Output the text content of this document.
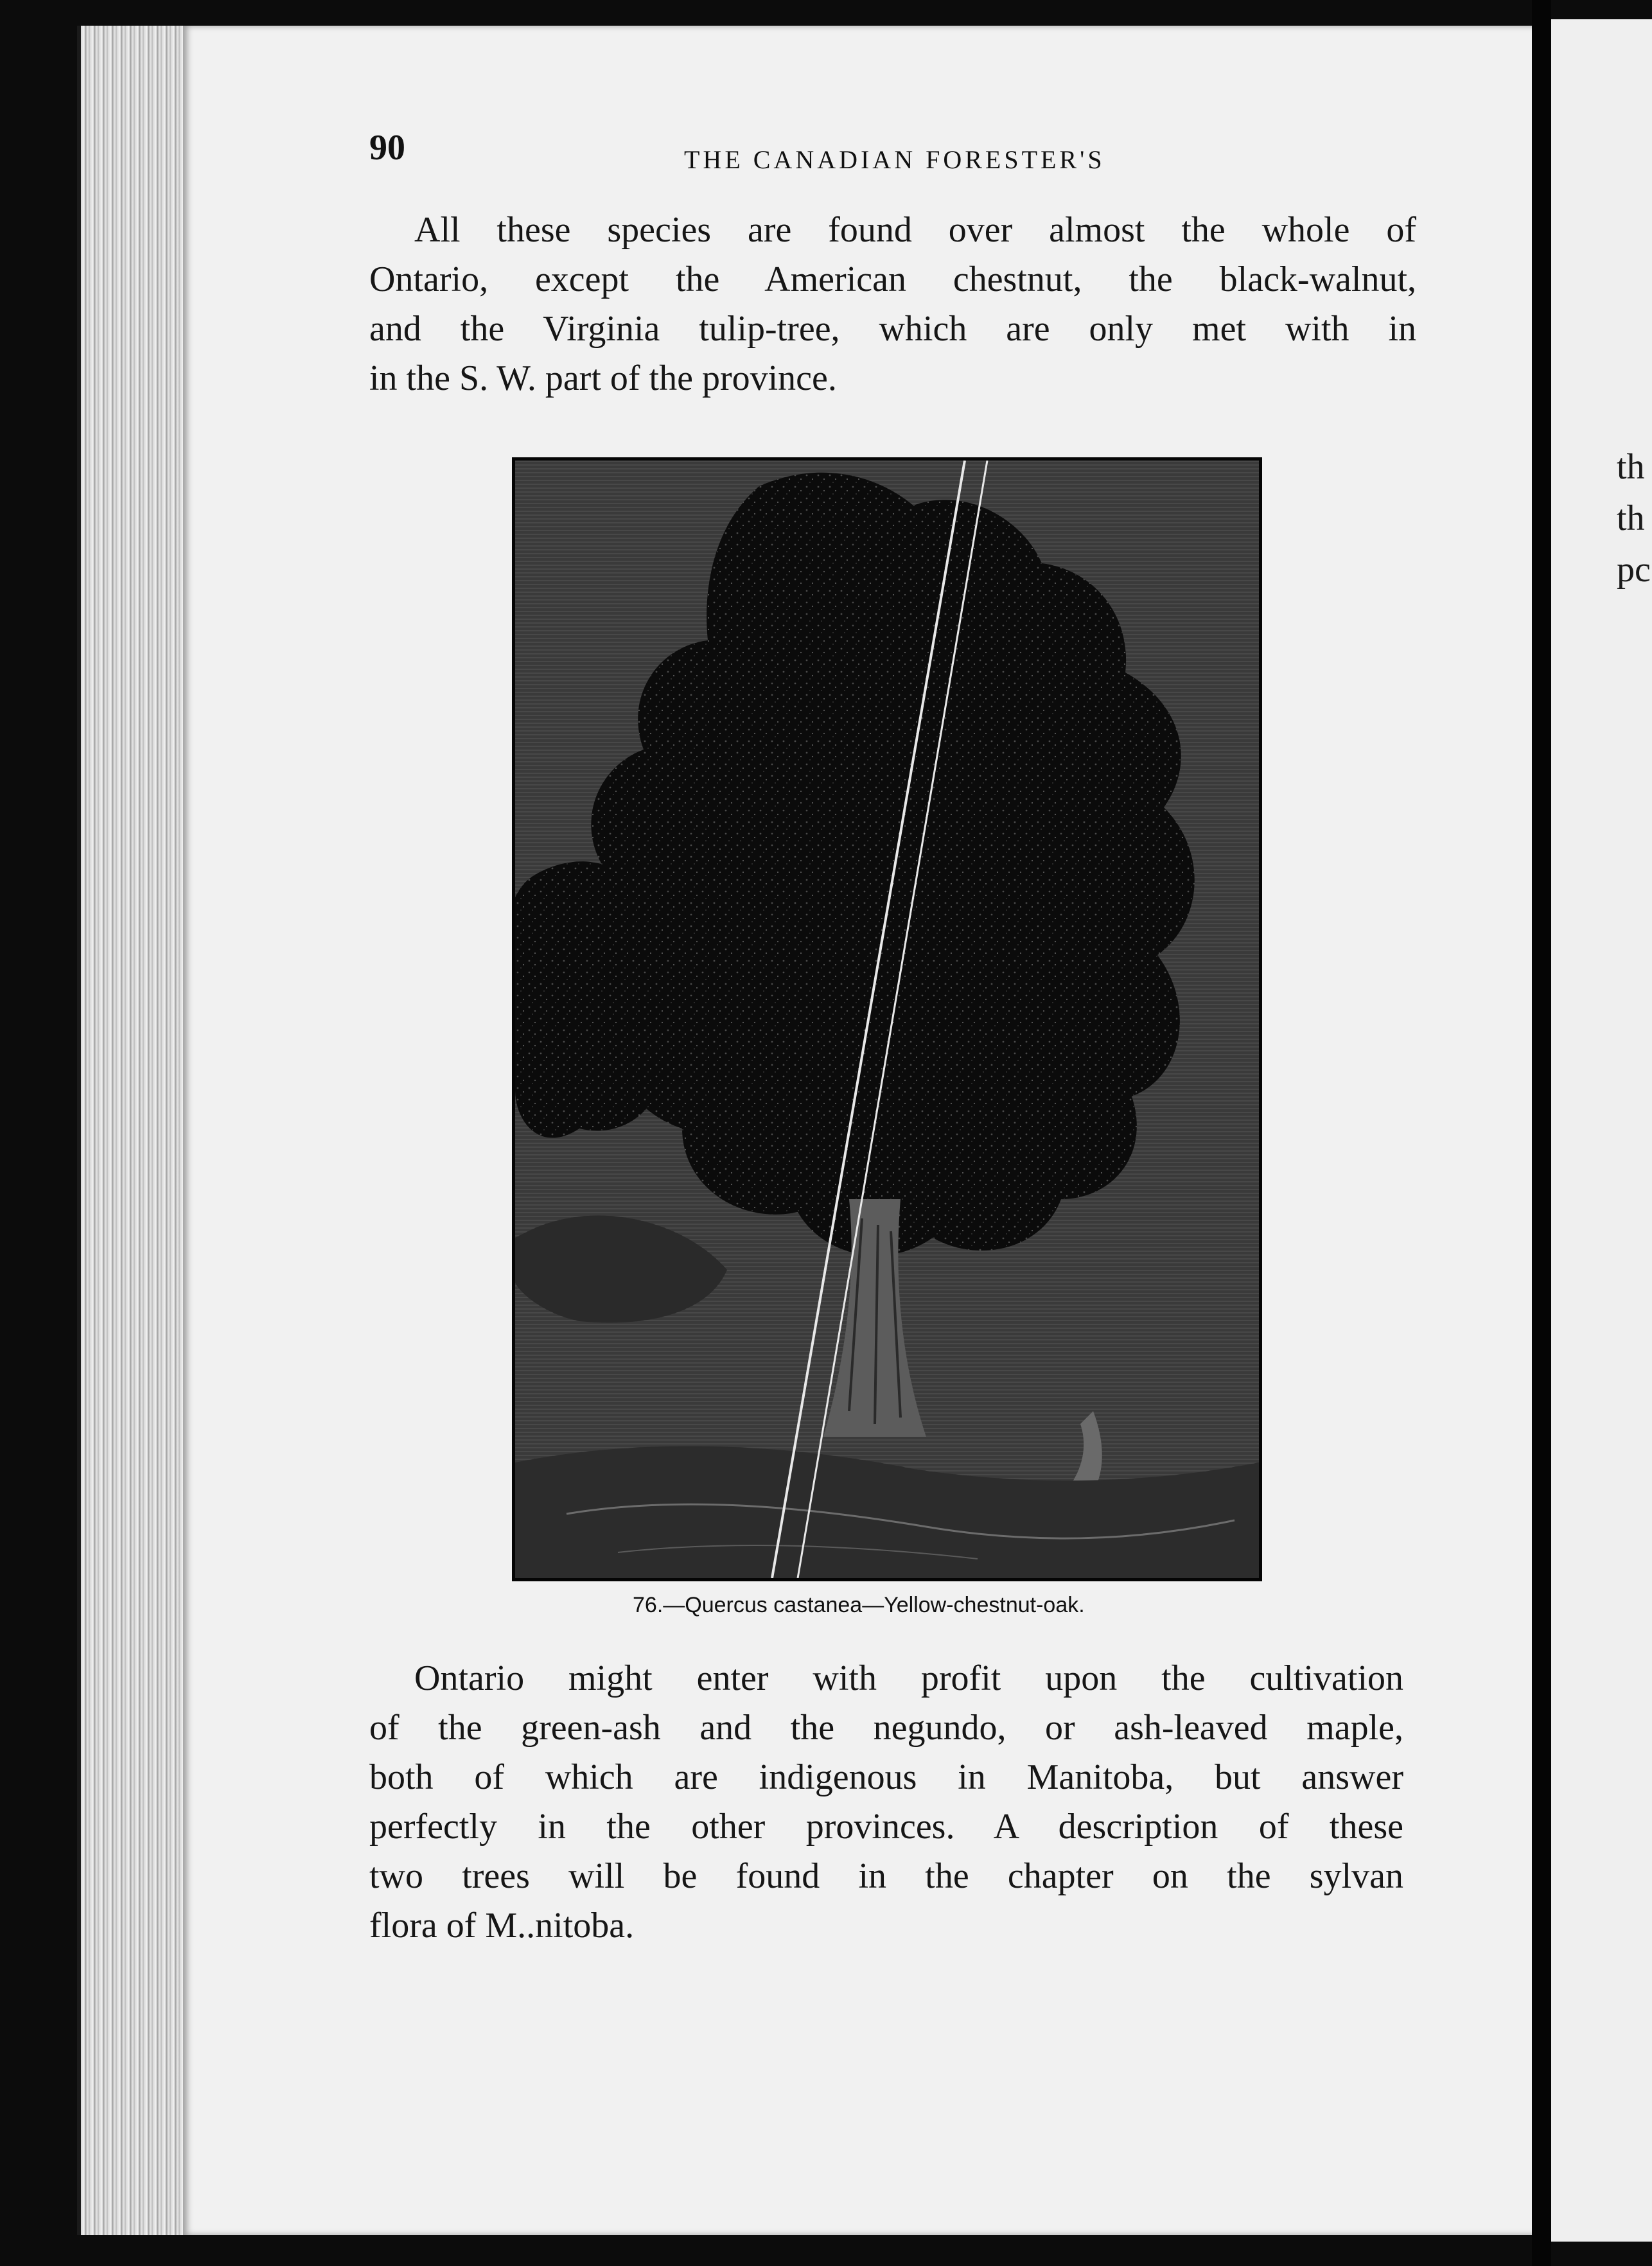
th
th
pc
90	THE CANADIAN FORESTER'S
All these species are found over almost the whole of
Ontario, except the American chestnut, the black-walnut,
and the Virginia tulip-tree, which are only met with in
in the S. W. part of the province.
76.—Quercus castanea—Yellow-chestnut-oak.
Ontario might enter with profit upon the cultivation
of the green-ash and the negundo, or ash-leaved maple,
both of which are indigenous in Manitoba, but answer
perfectly in the other provinces. A description of these
two trees will be found in the chapter on the sylvan
flora of M..nitoba.
